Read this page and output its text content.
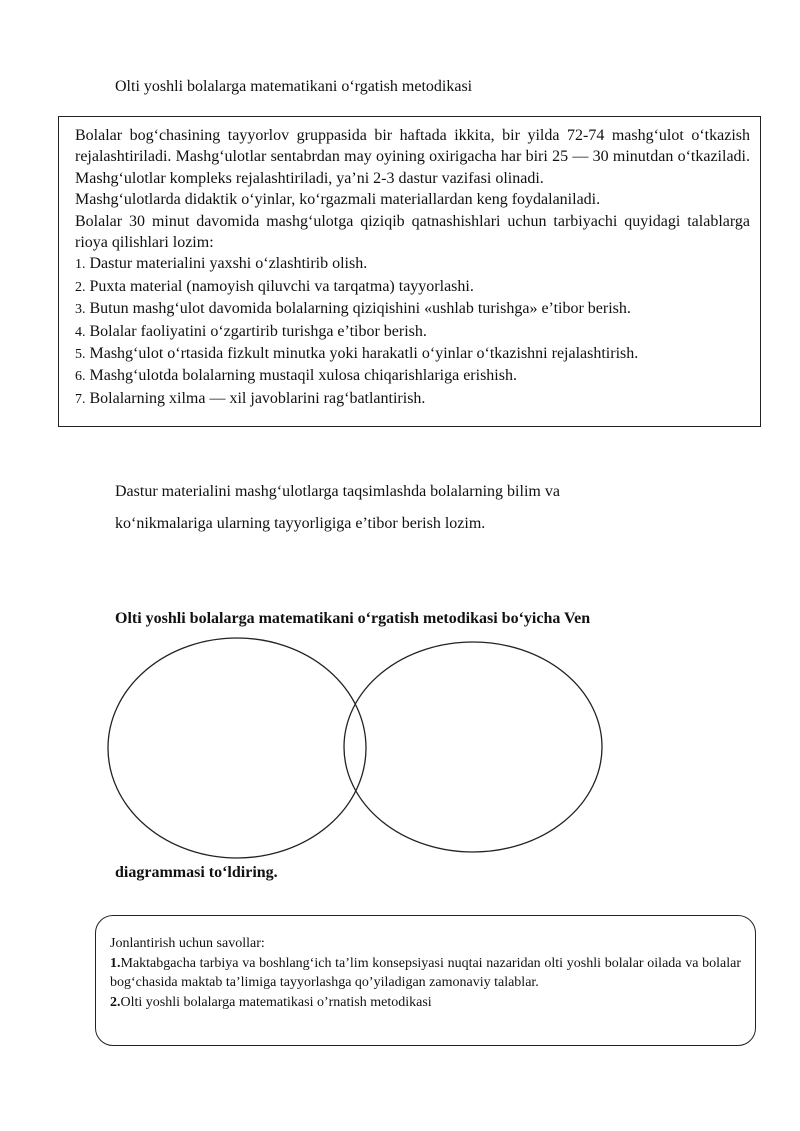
Olti yoshli bolalarga matematikani o‘rgatish metodikasi

Bolalar bog‘chasining tayyorlov gruppasida bir haftada ikkita, bir yilda 72-74 mashg‘ulot o‘tkazish rejalashtiriladi. Mashg‘ulotlar sentabrdan may oyining oxirigacha har biri 25 — 30 minutdan o‘tkaziladi. Mashg‘ulotlar kompleks rejalashtiriladi, ya’ni 2-3 dastur vazifasi olinadi.

Mashg‘ulotlarda didaktik o‘yinlar, ko‘rgazmali materiallardan keng foydalaniladi.

Bolalar 30 minut davomida mashg‘ulotga qiziqib qatnashishlari uchun tarbiyachi quyidagi talablarga rioya qilishlari lozim:

1. Dastur materialini yaxshi o‘zlashtirib olish.
2. Puxta material (namoyish qiluvchi va tarqatma) tayyorlashi.
3. Butun mashg‘ulot davomida bolalarning qiziqishini «ushlab turishga» e’tibor berish.
4. Bolalar faoliyatini o‘zgartirib turishga e’tibor berish.
5. Mashg‘ulot o‘rtasida fizkult minutka yoki harakatli o‘yinlar o‘tkazishni rejalashtirish.
6. Mashg‘ulotda bolalarning mustaqil xulosa chiqarishlariga erishish.
7. Bolalarning xilma — xil javoblarini rag‘batlantirish.
Dastur materialini mashg‘ulotlarga taqsimlashda bolalarning bilim va
ko‘nikmalariga ularning tayyorligiga e’tibor berish lozim.
Olti yoshli bolalarga matematikani o‘rgatish metodikasi bo‘yicha Ven
diagrammasi to‘ldiring.

Jonlantirish uchun savollar:

1.Maktabgacha tarbiya va boshlang‘ich ta’lim konsepsiyasi nuqtai nazaridan olti yoshli bolalar oilada va bolalar bog‘chasida maktab ta’limiga tayyorlashga qo’yiladigan zamonaviy talablar.

2.Olti yoshli bolalarga matematikasi o’rnatish metodikasi
